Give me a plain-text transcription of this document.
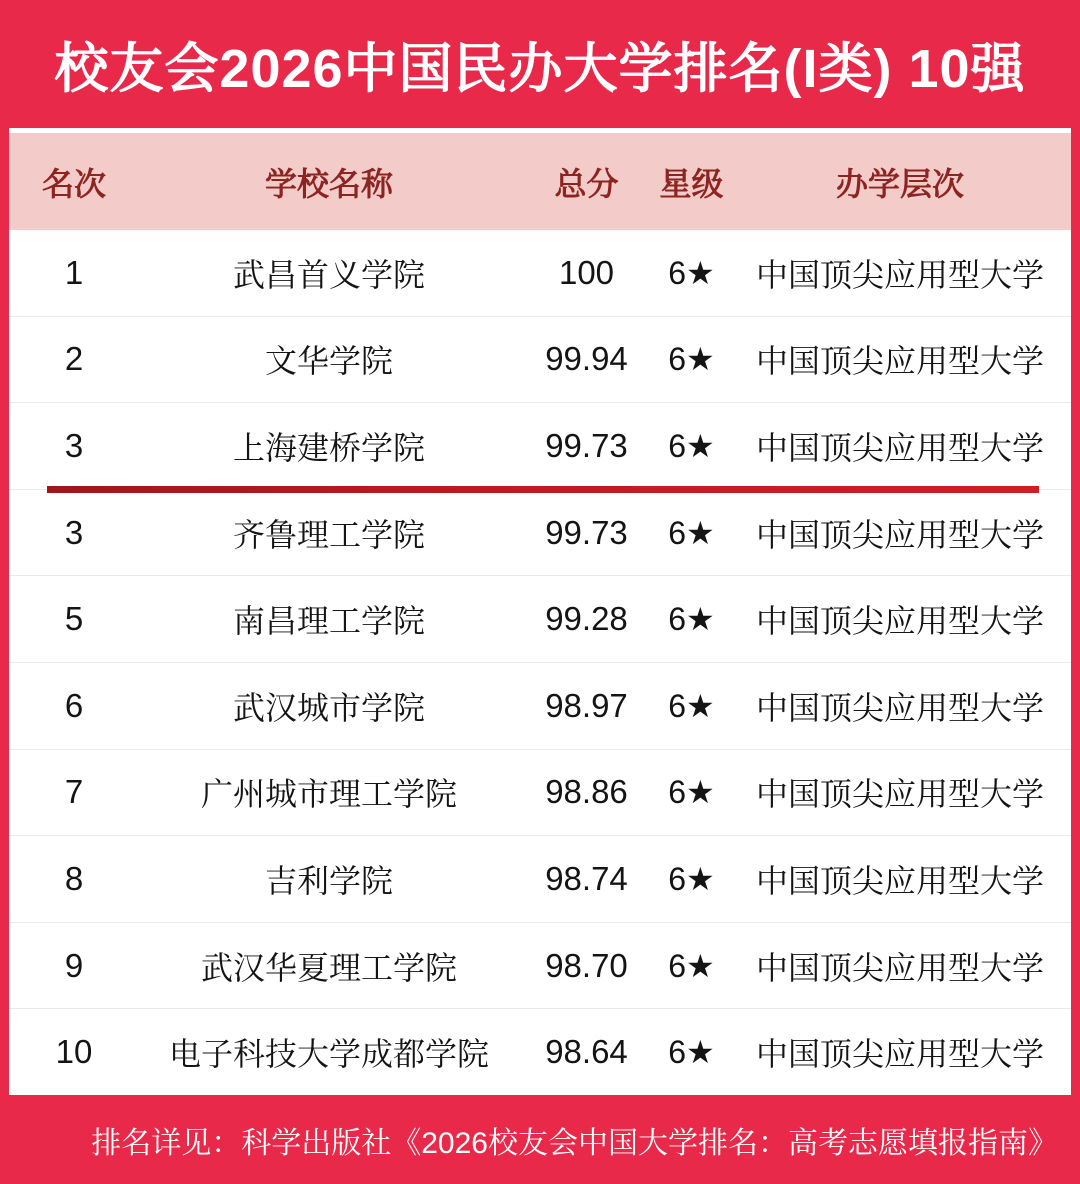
校友会2026中国民办大学排名(I类) 10强
名次	学校名称	总分	星级	办学层次
1	武昌首义学院	100	6★	中国顶尖应用型大学
2	文华学院	99.94	6★	中国顶尖应用型大学
3	上海建桥学院	99.73	6★	中国顶尖应用型大学
3	齐鲁理工学院	99.73	6★	中国顶尖应用型大学
5	南昌理工学院	99.28	6★	中国顶尖应用型大学
6	武汉城市学院	98.97	6★	中国顶尖应用型大学
7	广州城市理工学院	98.86	6★	中国顶尖应用型大学
8	吉利学院	98.74	6★	中国顶尖应用型大学
9	武汉华夏理工学院	98.70	6★	中国顶尖应用型大学
10	电子科技大学成都学院	98.64	6★	中国顶尖应用型大学
排名详见：科学出版社《2026校友会中国大学排名：高考志愿填报指南》
